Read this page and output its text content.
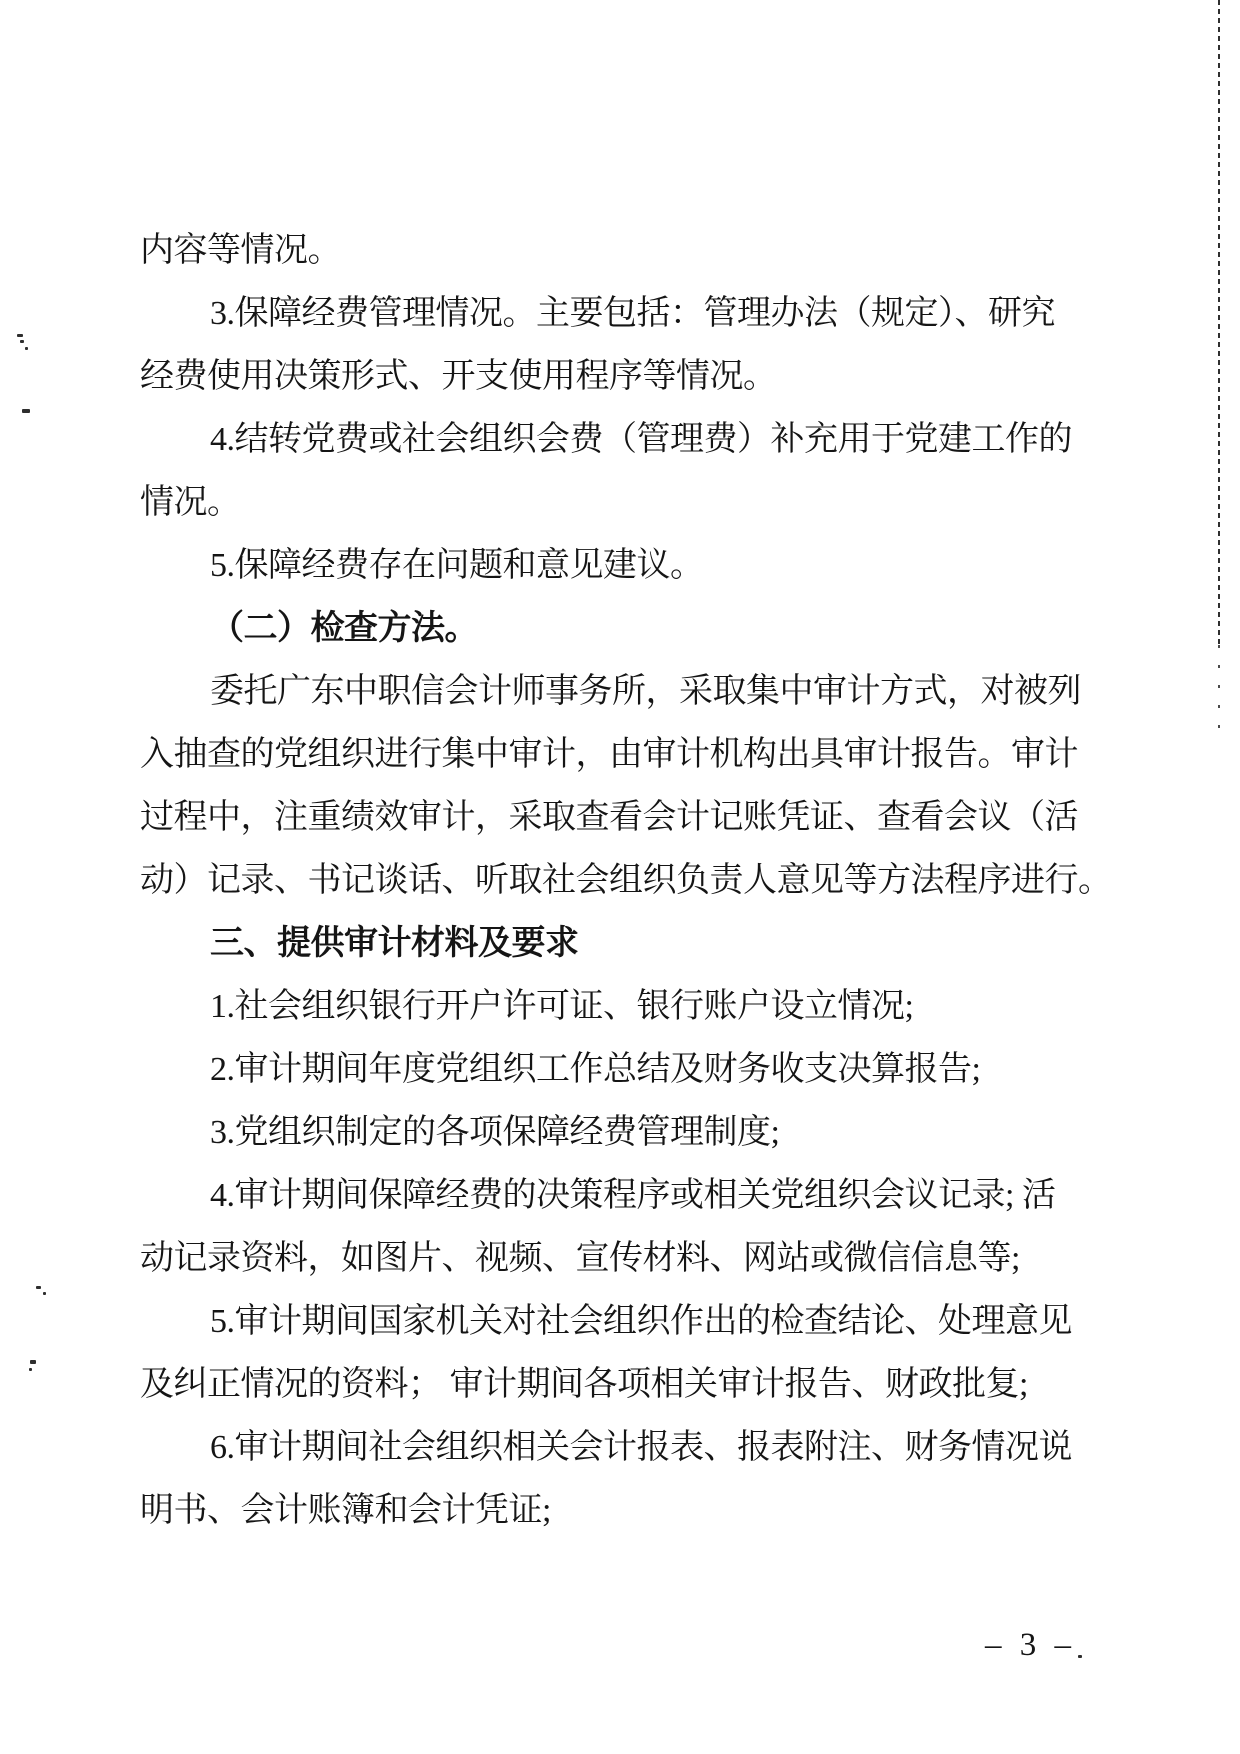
内容等情况。
3.保障经费管理情况。主要包括：管理办法（规定）、研究
经费使用决策形式、开支使用程序等情况。
4.结转党费或社会组织会费（管理费）补充用于党建工作的
情况。
5.保障经费存在问题和意见建议。
（二）检查方法。
委托广东中职信会计师事务所，采取集中审计方式，对被列
入抽查的党组织进行集中审计，由审计机构出具审计报告。审计
过程中，注重绩效审计，采取查看会计记账凭证、查看会议（活
动）记录、书记谈话、听取社会组织负责人意见等方法程序进行。
三、提供审计材料及要求
1.社会组织银行开户许可证、银行账户设立情况;
2.审计期间年度党组织工作总结及财务收支决算报告;
3.党组织制定的各项保障经费管理制度;
4.审计期间保障经费的决策程序或相关党组织会议记录; 活
动记录资料，如图片、视频、宣传材料、网站或微信信息等;
5.审计期间国家机关对社会组织作出的检查结论、处理意见
及纠正情况的资料； 审计期间各项相关审计报告、财政批复;
6.审计期间社会组织相关会计报表、报表附注、财务情况说
明书、会计账簿和会计凭证;
– 3 –
